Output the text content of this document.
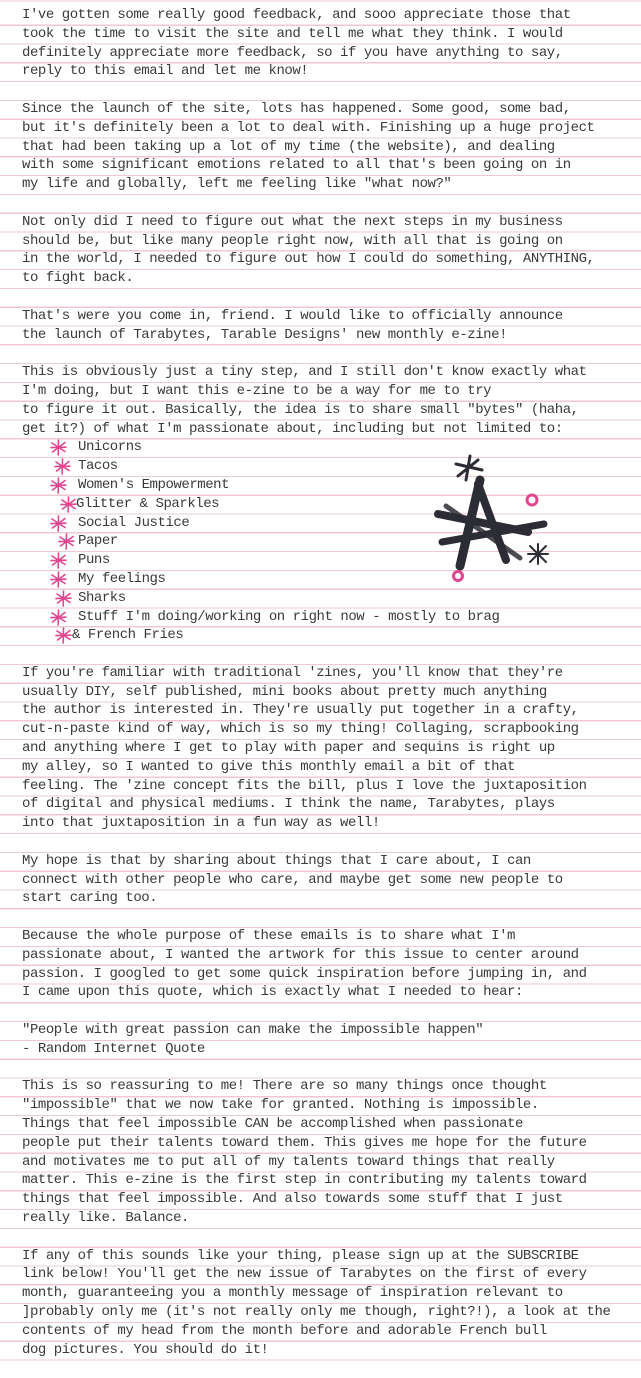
I've gotten some really good feedback, and sooo appreciate those that
took the time to visit the site and tell me what they think. I would
definitely appreciate more feedback, so if you have anything to say,
reply to this email and let me know!

Since the launch of the site, lots has happened. Some good, some bad,
but it's definitely been a lot to deal with. Finishing up a huge project
that had been taking up a lot of my time (the website), and dealing
with some significant emotions related to all that's been going on in
my life and globally, left me feeling like "what now?"

Not only did I need to figure out what the next steps in my business
should be, but like many people right now, with all that is going on
in the world, I needed to figure out how I could do something, ANYTHING,
to fight back.

That's were you come in, friend. I would like to officially announce
the launch of Tarabytes, Tarable Designs' new monthly e-zine!

This is obviously just a tiny step, and I still don't know exactly what
I'm doing, but I want this e-zine to be a way for me to try
to figure it out. Basically, the idea is to share small "bytes" (haha,
get it?) of what I'm passionate about, including but not limited to:

Unicorns
Tacos
Women's Empowerment
Glitter & Sparkles
Social Justice
Paper
Puns
My feelings
Sharks
Stuff I'm doing/working on right now - mostly to brag
& French Fries

If you're familiar with traditional 'zines, you'll know that they're
usually DIY, self published, mini books about pretty much anything
the author is interested in. They're usually put together in a crafty,
cut-n-paste kind of way, which is so my thing! Collaging, scrapbooking
and anything where I get to play with paper and sequins is right up
my alley, so I wanted to give this monthly email a bit of that
feeling. The 'zine concept fits the bill, plus I love the juxtaposition
of digital and physical mediums. I think the name, Tarabytes, plays
into that juxtaposition in a fun way as well!

My hope is that by sharing about things that I care about, I can
connect with other people who care, and maybe get some new people to
start caring too.

Because the whole purpose of these emails is to share what I'm
passionate about, I wanted the artwork for this issue to center around
passion. I googled to get some quick inspiration before jumping in, and
I came upon this quote, which is exactly what I needed to hear:

"People with great passion can make the impossible happen"

- Random Internet Quote

This is so reassuring to me! There are so many things once thought
"impossible" that we now take for granted. Nothing is impossible.
Things that feel impossible CAN be accomplished when passionate
people put their talents toward them. This gives me hope for the future
and motivates me to put all of my talents toward things that really
matter. This e-zine is the first step in contributing my talents toward
things that feel impossible. And also towards some stuff that I just
really like. Balance.

If any of this sounds like your thing, please sign up at the SUBSCRIBE
link below! You'll get the new issue of Tarabytes on the first of every
month, guaranteeing you a monthly message of inspiration relevant to
]probably only me (it's not really only me though, right?!), a look at the
contents of my head from the month before and adorable French bull
dog pictures. You should do it!
